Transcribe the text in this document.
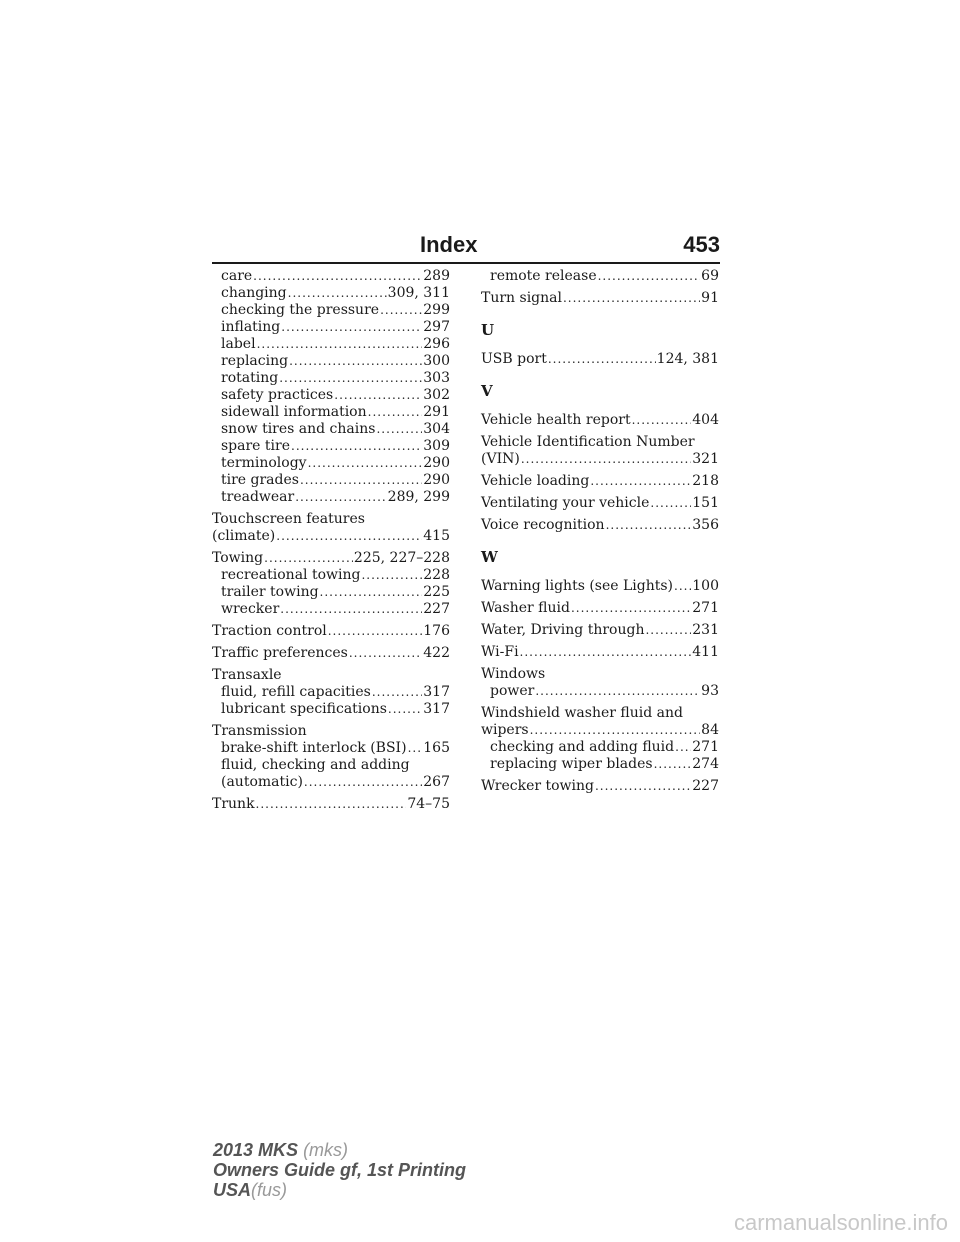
Index	453
care .....	289
changing .....	309, 311
checking the pressure .....	299
inflating .....	297
label .....	296
replacing .....	300
rotating .....	303
safety practices .....	302
sidewall information .....	291
snow tires and chains .....	304
spare tire .....	309
terminology .....	290
tire grades .....	290
treadwear .....	289, 299
Touchscreen features
(climate) .....	415
Towing .....	225, 227–228
recreational towing .....	228
trailer towing .....	225
wrecker .....	227
Traction control .....	176
Traffic preferences .....	422
Transaxle
fluid, refill capacities .....	317
lubricant specifications .....	317
Transmission
brake-shift interlock (BSI) ..... 165
fluid, checking and adding
(automatic) .....	267
Trunk .....	74–75
remote release .....	69
Turn signal .....	91
U
USB port .....	124, 381
V
Vehicle health report .....	404
Vehicle Identification Number
(VIN) .....	321
Vehicle loading .....	218
Ventilating your vehicle .....	151
Voice recognition .....	356
W
Warning lights (see Lights) ..... 100
Washer fluid .....	271
Water, Driving through .....	231
Wi-Fi .....	411
Windows
power .....	93
Windshield washer fluid and
wipers .....	84
checking and adding fluid ..... 271
replacing wiper blades .....	274
Wrecker towing .....	227
2013 MKS (mks)
Owners Guide gf, 1st Printing
USA(fus)
carmanualsonline.info
